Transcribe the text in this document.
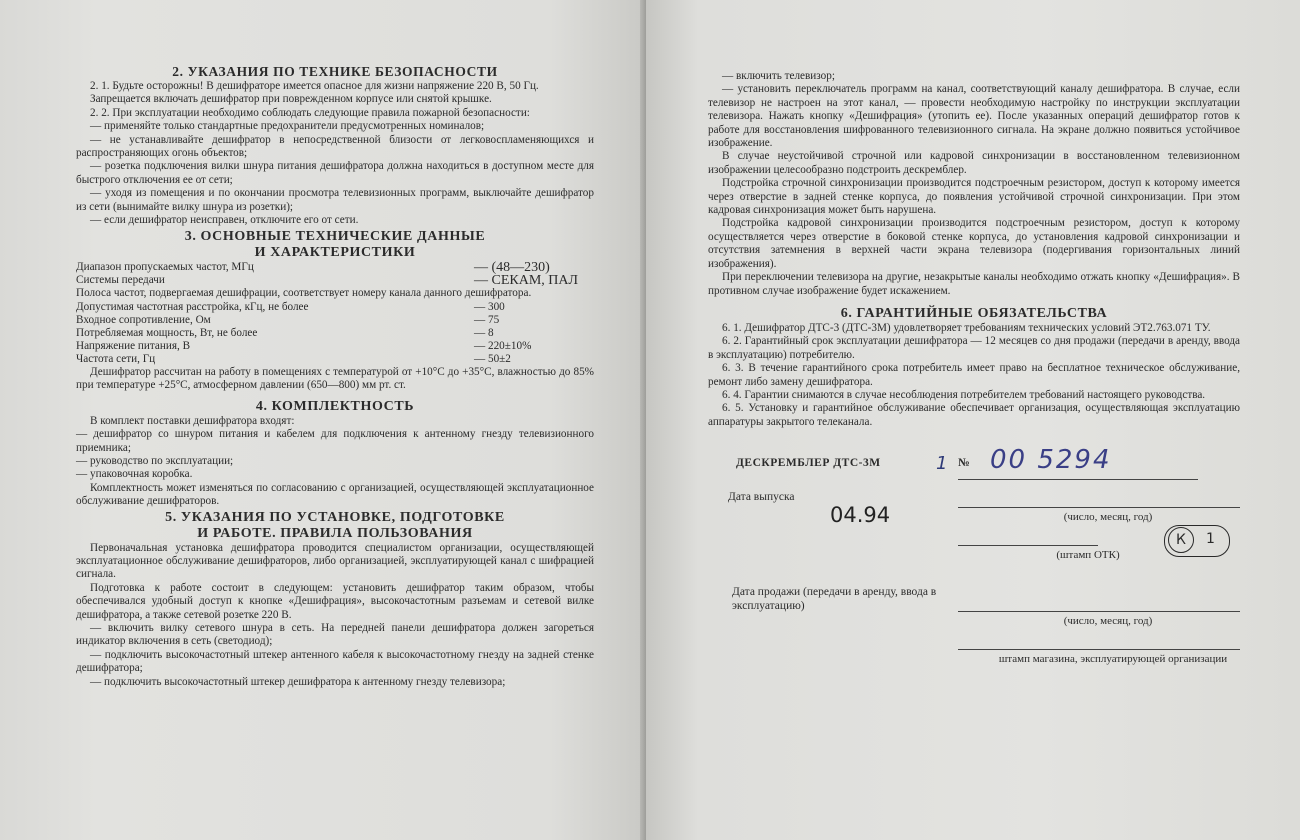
2. УКАЗАНИЯ ПО ТЕХНИКЕ БЕЗОПАСНОСТИ

2. 1. Будьте осторожны! В дешифраторе имеется опасное для жизни напряжение 220 В, 50 Гц.

Запрещается включать дешифратор при поврежденном корпусе или снятой крышке.

2. 2. При эксплуатации необходимо соблюдать следующие правила пожарной безопасности:

— применяйте только стандартные предохранители предусмотренных номиналов;

— не устанавливайте дешифратор в непосредственной близости от легковоспламеняющихся и распространяющих огонь объектов;

— розетка подключения вилки шнура питания дешифратора должна находиться в доступном месте для быстрого отключения ее от сети;

— уходя из помещения и по окончании просмотра телевизионных программ, выключайте дешифратор из сети (вынимайте вилку шнура из розетки);

— если дешифратор неисправен, отключите его от сети.

3. ОСНОВНЫЕ ТЕХНИЧЕСКИЕ ДАННЫЕ
И ХАРАКТЕРИСТИКИ
Диапазон пропускаемых частот, МГц	— (48—230)
Системы передачи	— СЕКАМ, ПАЛ

Полоса частот, подвергаемая дешифрации, соответствует номеру канала данного дешифратора.

Допустимая частотная расстройка, кГц, не более	— 300
Входное сопротивление, Ом	— 75
Потребляемая мощность, Вт, не более	— 8
Напряжение питания, В	— 220±10%
Частота сети, Гц	— 50±2

Дешифратор рассчитан на работу в помещениях с температурой от +10°С до +35°С, влажностью до 85% при температуре +25°С, атмосферном давлении (650—800) мм рт. ст.

4. КОМПЛЕКТНОСТЬ

В комплект поставки дешифратора входят:

— дешифратор со шнуром питания и кабелем для подключения к антенному гнезду телевизионного приемника;

— руководство по эксплуатации;

— упаковочная коробка.

Комплектность может изменяться по согласованию с организацией, осуществляющей эксплуатационное обслуживание дешифраторов.

5. УКАЗАНИЯ ПО УСТАНОВКЕ, ПОДГОТОВКЕ
И РАБОТЕ. ПРАВИЛА ПОЛЬЗОВАНИЯ

Первоначальная установка дешифратора проводится специалистом организации, осуществляющей эксплуатационное обслуживание дешифраторов, либо организацией, эксплуатирующей канал с шифрацией сигнала.

Подготовка к работе состоит в следующем: установить дешифратор таким образом, чтобы обеспечивался удобный доступ к кнопке «Дешифрация», высокочастотным разъемам и сетевой вилке дешифратора, а также сетевой розетке 220 В.

— включить вилку сетевого шнура в сеть. На передней панели дешифратора должен загореться индикатор включения в сеть (светодиод);

— подключить высокочастотный штекер антенного кабеля к высокочастотному гнезду на задней стенке дешифратора;

— подключить высокочастотный штекер дешифратора к антенному гнезду телевизора;

— включить телевизор;

— установить переключатель программ на канал, соответствующий каналу дешифратора. В случае, если телевизор не настроен на этот канал, — провести необходимую настройку по инструкции эксплуатации телевизора. Нажать кнопку «Дешифрация» (утопить ее). После указанных операций дешифратор готов к работе для восстановления шифрованного телевизионного сигнала. На экране должно появиться устойчивое изображение.

В случае неустойчивой строчной или кадровой синхронизации в восстановленном телевизионном изображении целесообразно подстроить дескремблер.

Подстройка строчной синхронизации производится подстроечным резистором, доступ к которому имеется через отверстие в задней стенке корпуса, до появления устойчивой строчной синхронизации. При этом кадровая синхронизация может быть нарушена.

Подстройка кадровой синхронизации производится подстроечным резистором, доступ к которому осуществляется через отверстие в боковой стенке корпуса, до установления кадровой синхронизации и отсутствия затемнения в верхней части экрана телевизора (подергивания горизонтальных линий изображения).

При переключении телевизора на другие, незакрытые каналы необходимо отжать кнопку «Дешифрация». В противном случае изображение будет искажением.

6. ГАРАНТИЙНЫЕ ОБЯЗАТЕЛЬСТВА

6. 1. Дешифратор ДТС-3 (ДТС-3М) удовлетворяет требованиям технических условий ЭТ2.763.071 ТУ.

6. 2. Гарантийный срок эксплуатации дешифратора — 12 месяцев со дня продажи (передачи в аренду, ввода в эксплуатацию) потребителю.

6. 3. В течение гарантийного срока потребитель имеет право на бесплатное техническое обслуживание, ремонт либо замену дешифратора.

6. 4. Гарантии снимаются в случае несоблюдения потребителем требований настоящего руководства.

6. 5. Установку и гарантийное обслуживание обеспечивает организация, осуществляющая эксплуатацию аппаратуры закрытого телеканала.

ДЕСКРЕМБЛЕР ДТС-3М	1 № 00 5294
Дата выпуска
04.94	(число, месяц, год)
(штамп ОТК)
К	1
Дата продажи (передачи в аренду, ввода в эксплуатацию)
(число, месяц, год)
штамп магазина, эксплуатирующей организации
